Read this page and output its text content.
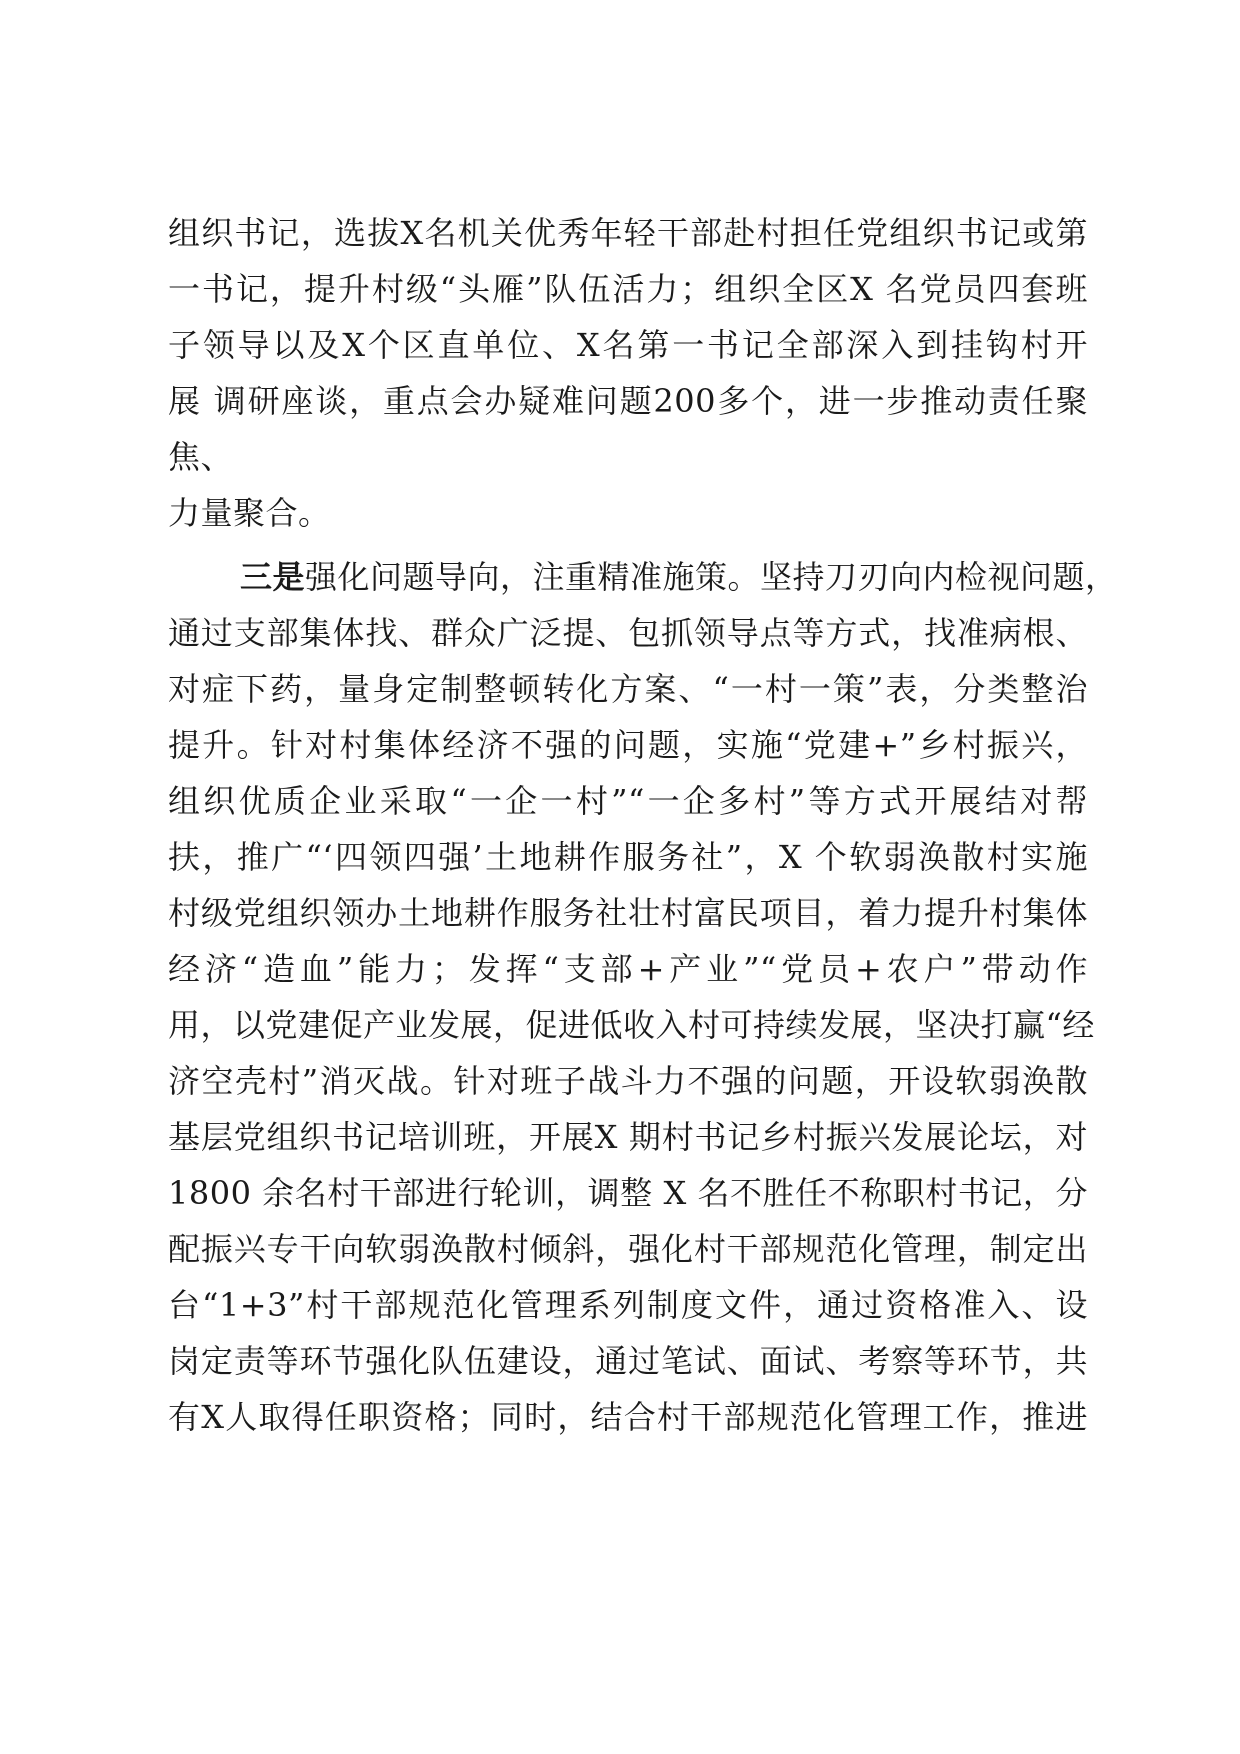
组织书记，选拔X名机关优秀年轻干部赴村担任党组织书记或第
一书记，提升村级“头雁”队伍活力；组织全区X 名党员四套班
子领导以及X个区直单位、X名第一书记全部深入到挂钩村开
展 调研座谈，重点会办疑难问题200多个，进一步推动责任聚
焦、
力量聚合。
三是强化问题导向，注重精准施策。坚持刀刃向内检视问题，
通过支部集体找、群众广泛提、包抓领导点等方式，找准病根、
对症下药，量身定制整顿转化方案、“一村一策”表，分类整治
提升。针对村集体经济不强的问题，实施“党建+”乡村振兴，
组织优质企业采取“一企一村”“一企多村”等方式开展结对帮
扶，推广“‘四领四强’土地耕作服务社”，X 个软弱涣散村实施
村级党组织领办土地耕作服务社壮村富民项目，着力提升村集体
经济“造血”能力；发挥“支部+产业”“党员+农户”带动作
用，以党建促产业发展，促进低收入村可持续发展，坚决打赢“经
济空壳村”消灭战。针对班子战斗力不强的问题，开设软弱涣散
基层党组织书记培训班，开展X 期村书记乡村振兴发展论坛，对
1800 余名村干部进行轮训，调整 X 名不胜任不称职村书记，分
配振兴专干向软弱涣散村倾斜，强化村干部规范化管理，制定出
台“1+3”村干部规范化管理系列制度文件，通过资格准入、设
岗定责等环节强化队伍建设，通过笔试、面试、考察等环节，共
有X人取得任职资格；同时，结合村干部规范化管理工作，推进
